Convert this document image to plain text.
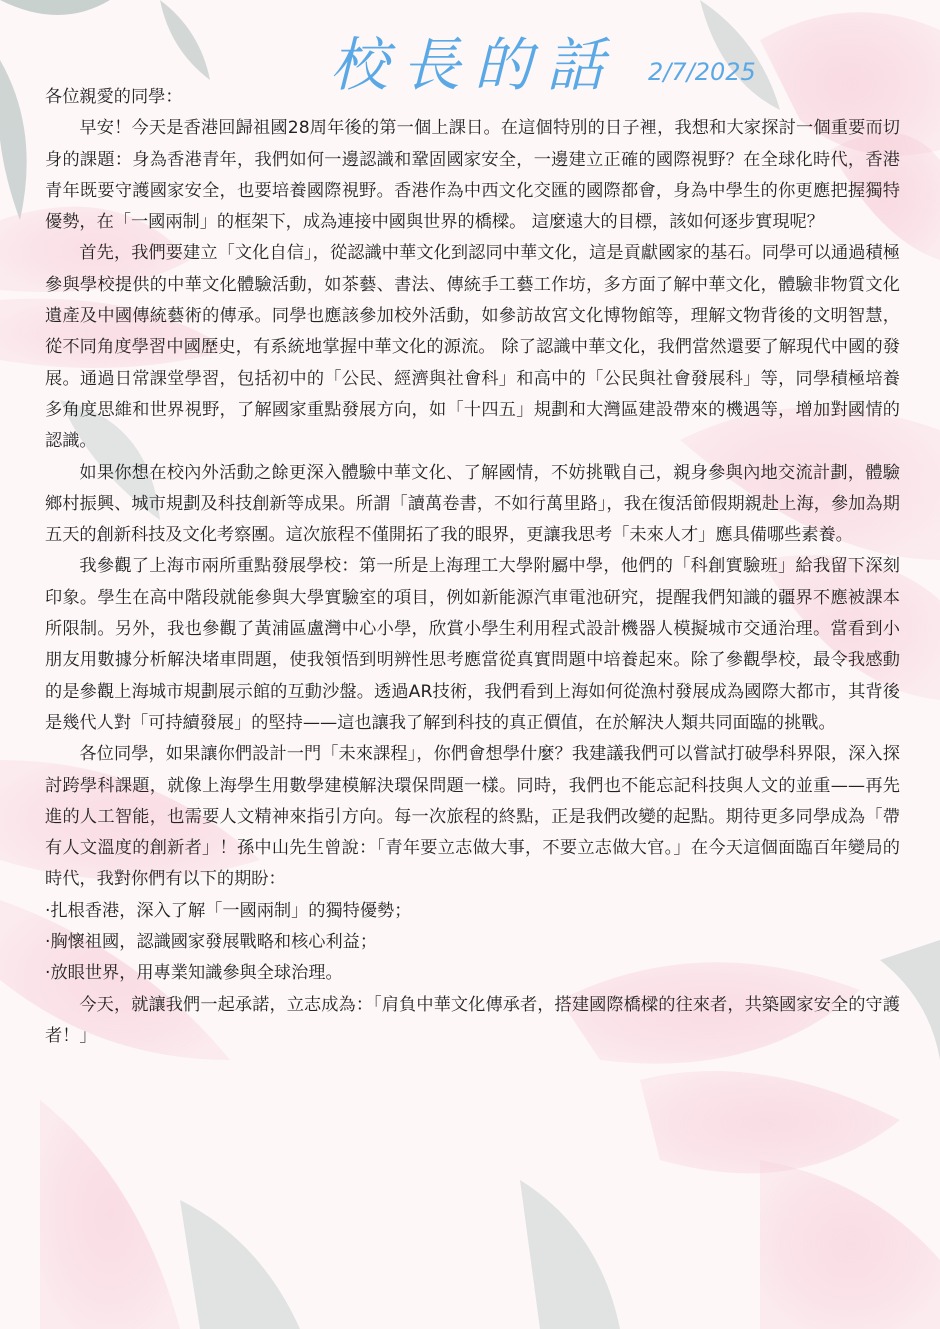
校長的話 2/7/2025

各位親愛的同學：

早安！今天是香港回歸祖國28周年後的第一個上課日。在這個特別的日子裡，我想和大家探討一個重要而切身的課題：身為香港青年，我們如何一邊認識和鞏固國家安全，一邊建立正確的國際視野？在全球化時代，香港青年既要守護國家安全，也要培養國際視野。香港作為中西文化交匯的國際都會，身為中學生的你更應把握獨特優勢，在「一國兩制」的框架下，成為連接中國與世界的橋樑。 這麼遠大的目標，該如何逐步實現呢？

首先，我們要建立「文化自信」，從認識中華文化到認同中華文化，這是貢獻國家的基石。同學可以通過積極參與學校提供的中華文化體驗活動，如茶藝、書法、傳統手工藝工作坊，多方面了解中華文化，體驗非物質文化遺產及中國傳統藝術的傳承。同學也應該參加校外活動，如參訪故宮文化博物館等，理解文物背後的文明智慧，從不同角度學習中國歷史，有系統地掌握中華文化的源流。 除了認識中華文化，我們當然還要了解現代中國的發展。通過日常課堂學習，包括初中的「公民、經濟與社會科」和高中的「公民與社會發展科」等，同學積極培養多角度思維和世界視野，了解國家重點發展方向，如「十四五」規劃和大灣區建設帶來的機遇等，增加對國情的認識。

如果你想在校內外活動之餘更深入體驗中華文化、了解國情，不妨挑戰自己，親身參與內地交流計劃，體驗鄉村振興、城市規劃及科技創新等成果。所謂「讀萬卷書，不如行萬里路」，我在復活節假期親赴上海，參加為期五天的創新科技及文化考察團。這次旅程不僅開拓了我的眼界，更讓我思考「未來人才」應具備哪些素養。

我參觀了上海市兩所重點發展學校：第一所是上海理工大學附屬中學，他們的「科創實驗班」給我留下深刻印象。學生在高中階段就能參與大學實驗室的項目，例如新能源汽車電池研究，提醒我們知識的疆界不應被課本所限制。另外，我也參觀了黃浦區盧灣中心小學，欣賞小學生利用程式設計機器人模擬城市交通治理。當看到小朋友用數據分析解決堵車問題，使我領悟到明辨性思考應當從真實問題中培養起來。除了參觀學校，最令我感動的是參觀上海城市規劃展示館的互動沙盤。透過AR技術，我們看到上海如何從漁村發展成為國際大都市，其背後是幾代人對「可持續發展」的堅持——這也讓我了解到科技的真正價值，在於解決人類共同面臨的挑戰。

各位同學，如果讓你們設計一門「未來課程」，你們會想學什麼？我建議我們可以嘗試打破學科界限，深入探討跨學科課題，就像上海學生用數學建模解決環保問題一樣。同時，我們也不能忘記科技與人文的並重——再先進的人工智能，也需要人文精神來指引方向。每一次旅程的終點，正是我們改變的起點。期待更多同學成為「帶有人文溫度的創新者」！孫中山先生曾說：「青年要立志做大事，不要立志做大官。」在今天這個面臨百年變局的時代，我對你們有以下的期盼：

‧扎根香港，深入了解「一國兩制」的獨特優勢；

‧胸懷祖國，認識國家發展戰略和核心利益；

‧放眼世界，用專業知識參與全球治理。

今天，就讓我們一起承諾，立志成為：「肩負中華文化傳承者，搭建國際橋樑的往來者，共築國家安全的守護者！」
